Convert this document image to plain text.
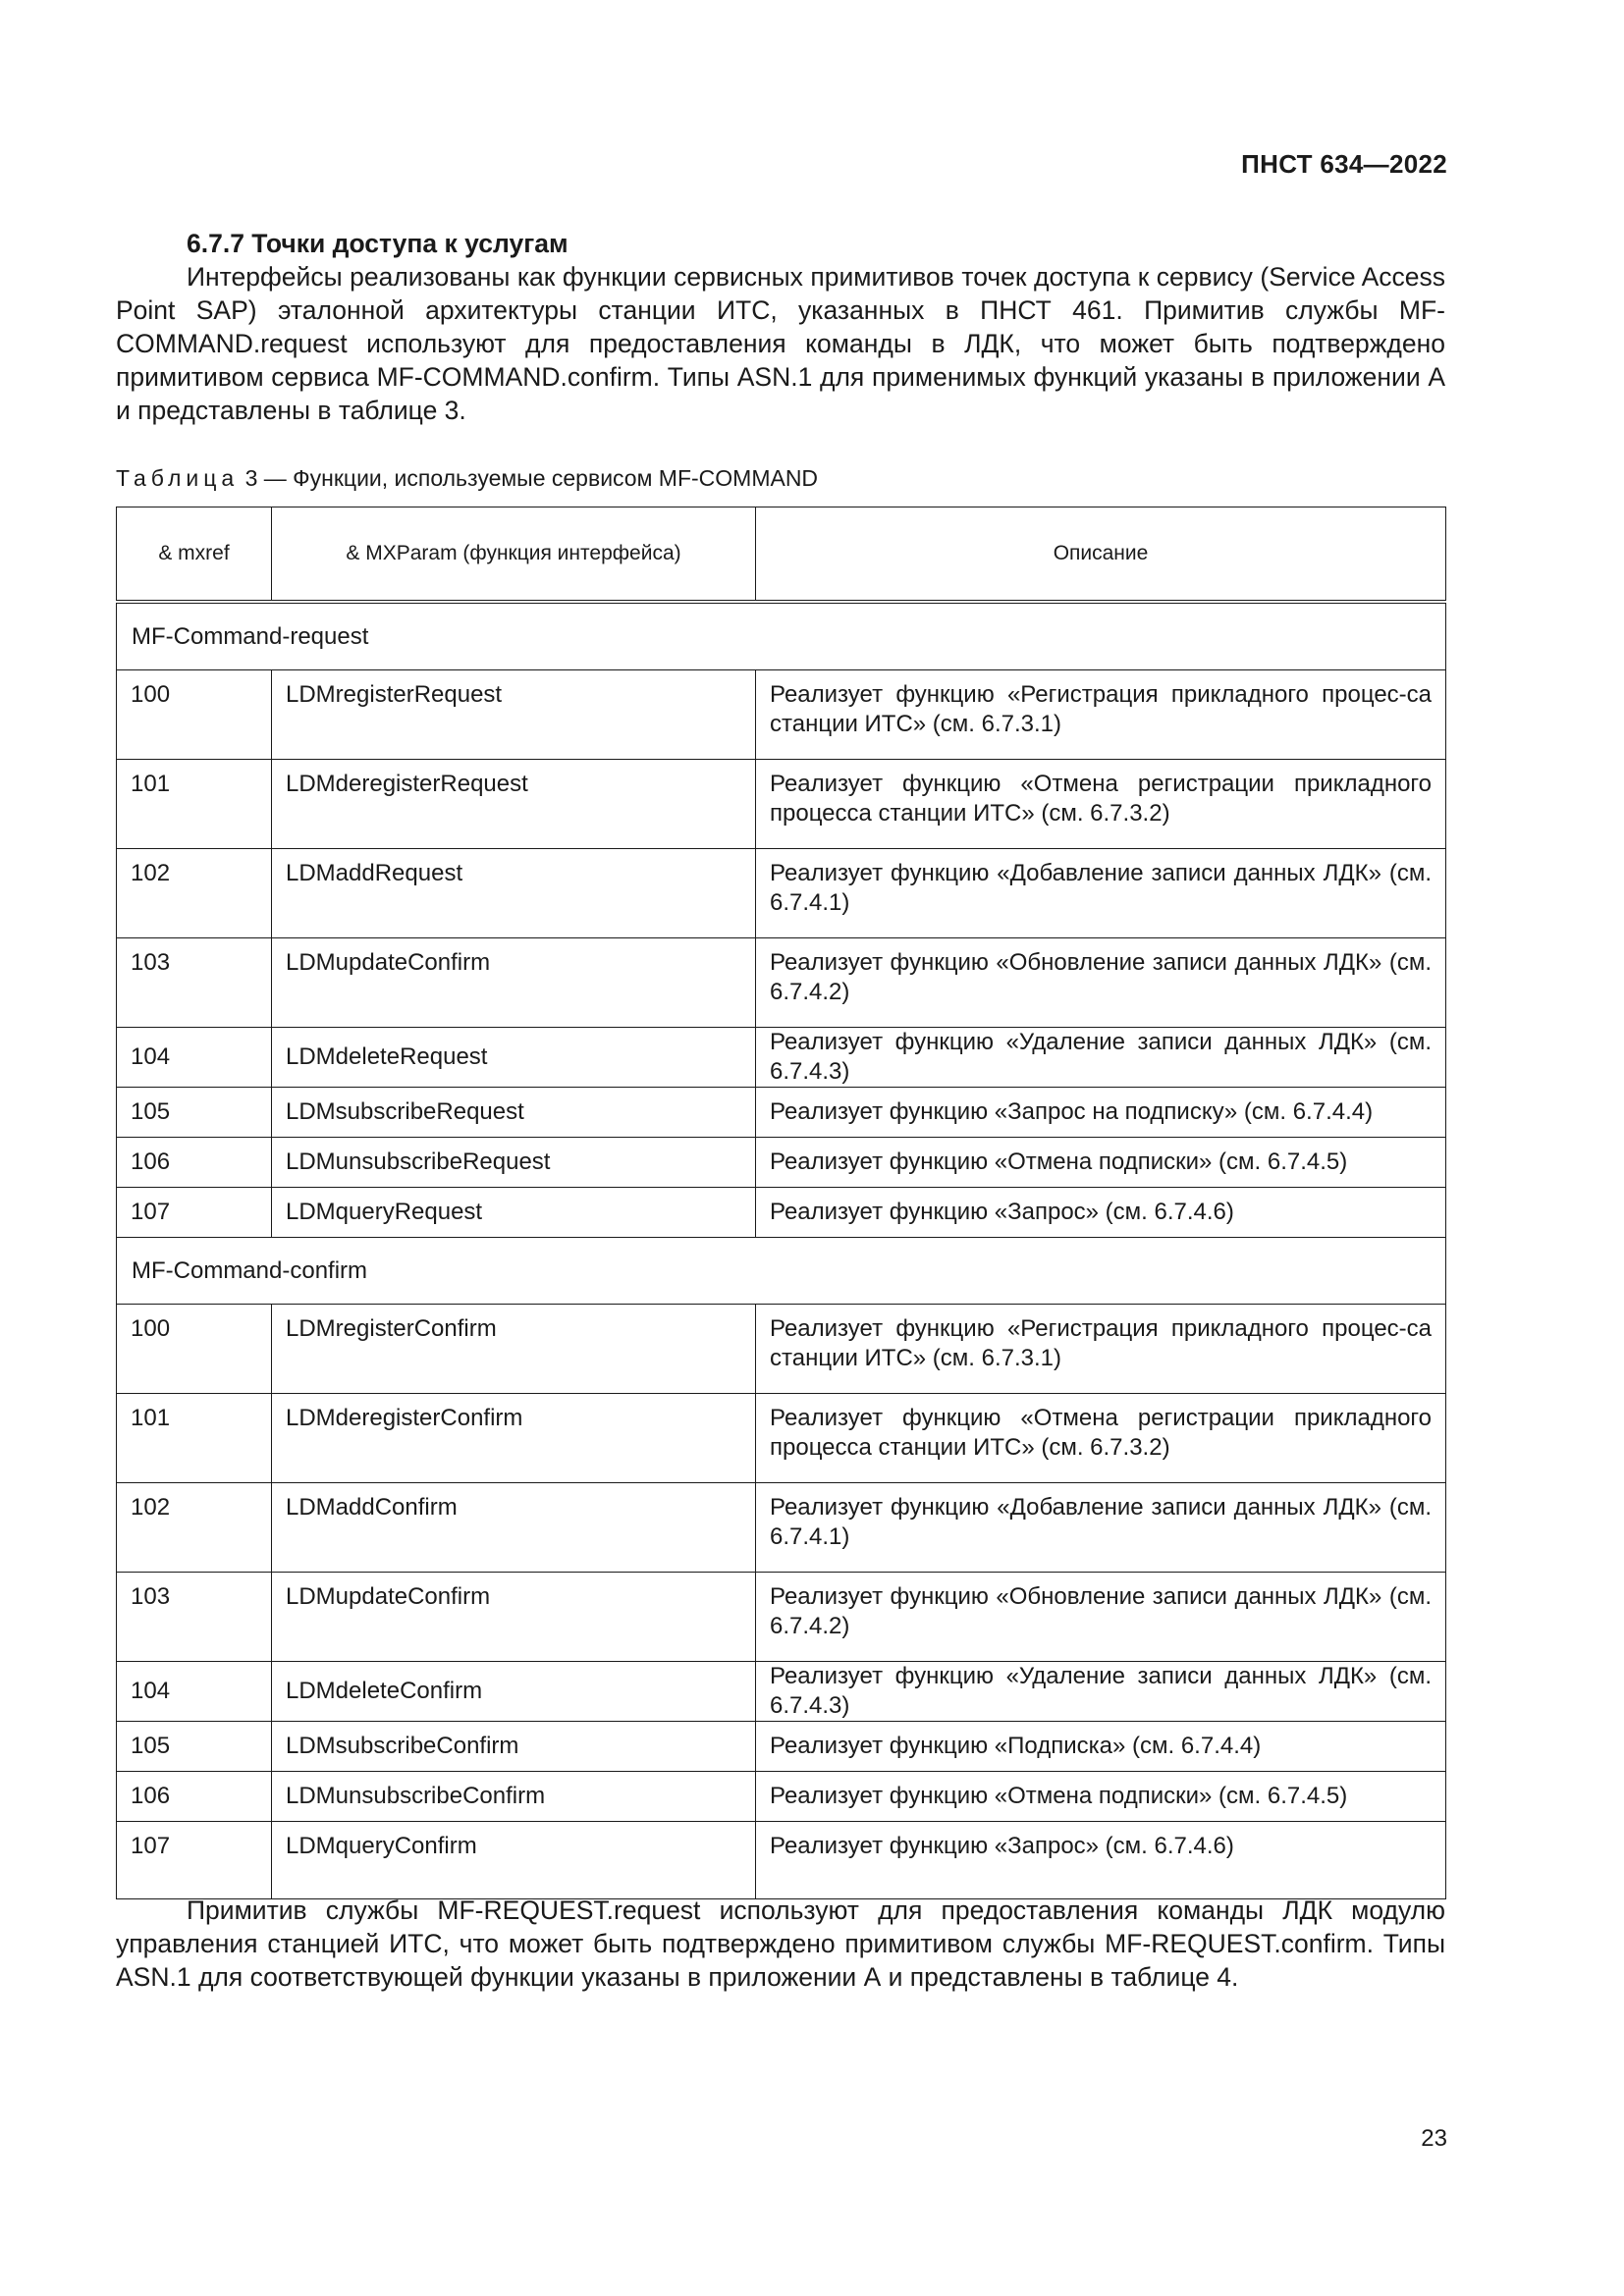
ПНСТ 634—2022
6.7.7 Точки доступа к услугам

Интерфейсы реализованы как функции сервисных примитивов точек доступа к сервису (Service Access Point SAP) эталонной архитектуры станции ИТС, указанных в ПНСТ 461. Примитив службы MF-COMMAND.request используют для предоставления команды в ЛДК, что может быть подтверждено примитивом сервиса MF-COMMAND.confirm. Типы ASN.1 для применимых функций указаны в приложении А и представлены в таблице 3.

Таблица 3 — Функции, используемые сервисом MF-COMMAND
& mxref	& MXParam (функция интерфейса)	Описание
MF-Command-request		
100	LDMregisterRequest	Реализует функцию «Регистрация прикладного процес-са станции ИТС» (см. 6.7.3.1)
101	LDMderegisterRequest	Реализует функцию «Отмена регистрации прикладного процесса станции ИТС» (см. 6.7.3.2)
102	LDMaddRequest	Реализует функцию «Добавление записи данных ЛДК» (см. 6.7.4.1)
103	LDMupdateConfirm	Реализует функцию «Обновление записи данных ЛДК» (см. 6.7.4.2)
104	LDMdeleteRequest	Реализует функцию «Удаление записи данных ЛДК» (см. 6.7.4.3)
105	LDMsubscribeRequest	Реализует функцию «Запрос на подписку» (см. 6.7.4.4)
106	LDMunsubscribeRequest	Реализует функцию «Отмена подписки» (см. 6.7.4.5)
107	LDMqueryRequest	Реализует функцию «Запрос» (см. 6.7.4.6)
MF-Command-confirm		
100	LDMregisterConfirm	Реализует функцию «Регистрация прикладного процес-са станции ИТС» (см. 6.7.3.1)
101	LDMderegisterConfirm	Реализует функцию «Отмена регистрации прикладного процесса станции ИТС» (см. 6.7.3.2)
102	LDMaddConfirm	Реализует функцию «Добавление записи данных ЛДК» (см. 6.7.4.1)
103	LDMupdateConfirm	Реализует функцию «Обновление записи данных ЛДК» (см. 6.7.4.2)
104	LDMdeleteConfirm	Реализует функцию «Удаление записи данных ЛДК» (см. 6.7.4.3)
105	LDMsubscribeConfirm	Реализует функцию «Подписка» (см. 6.7.4.4)
106	LDMunsubscribeConfirm	Реализует функцию «Отмена подписки» (см. 6.7.4.5)
107	LDMqueryConfirm	Реализует функцию «Запрос» (см. 6.7.4.6)

Примитив службы MF-REQUEST.request используют для предоставления команды ЛДК модулю управления станцией ИТС, что может быть подтверждено примитивом службы MF-REQUEST.confirm. Типы ASN.1 для соответствующей функции указаны в приложении А и представлены в таблице 4.

23
